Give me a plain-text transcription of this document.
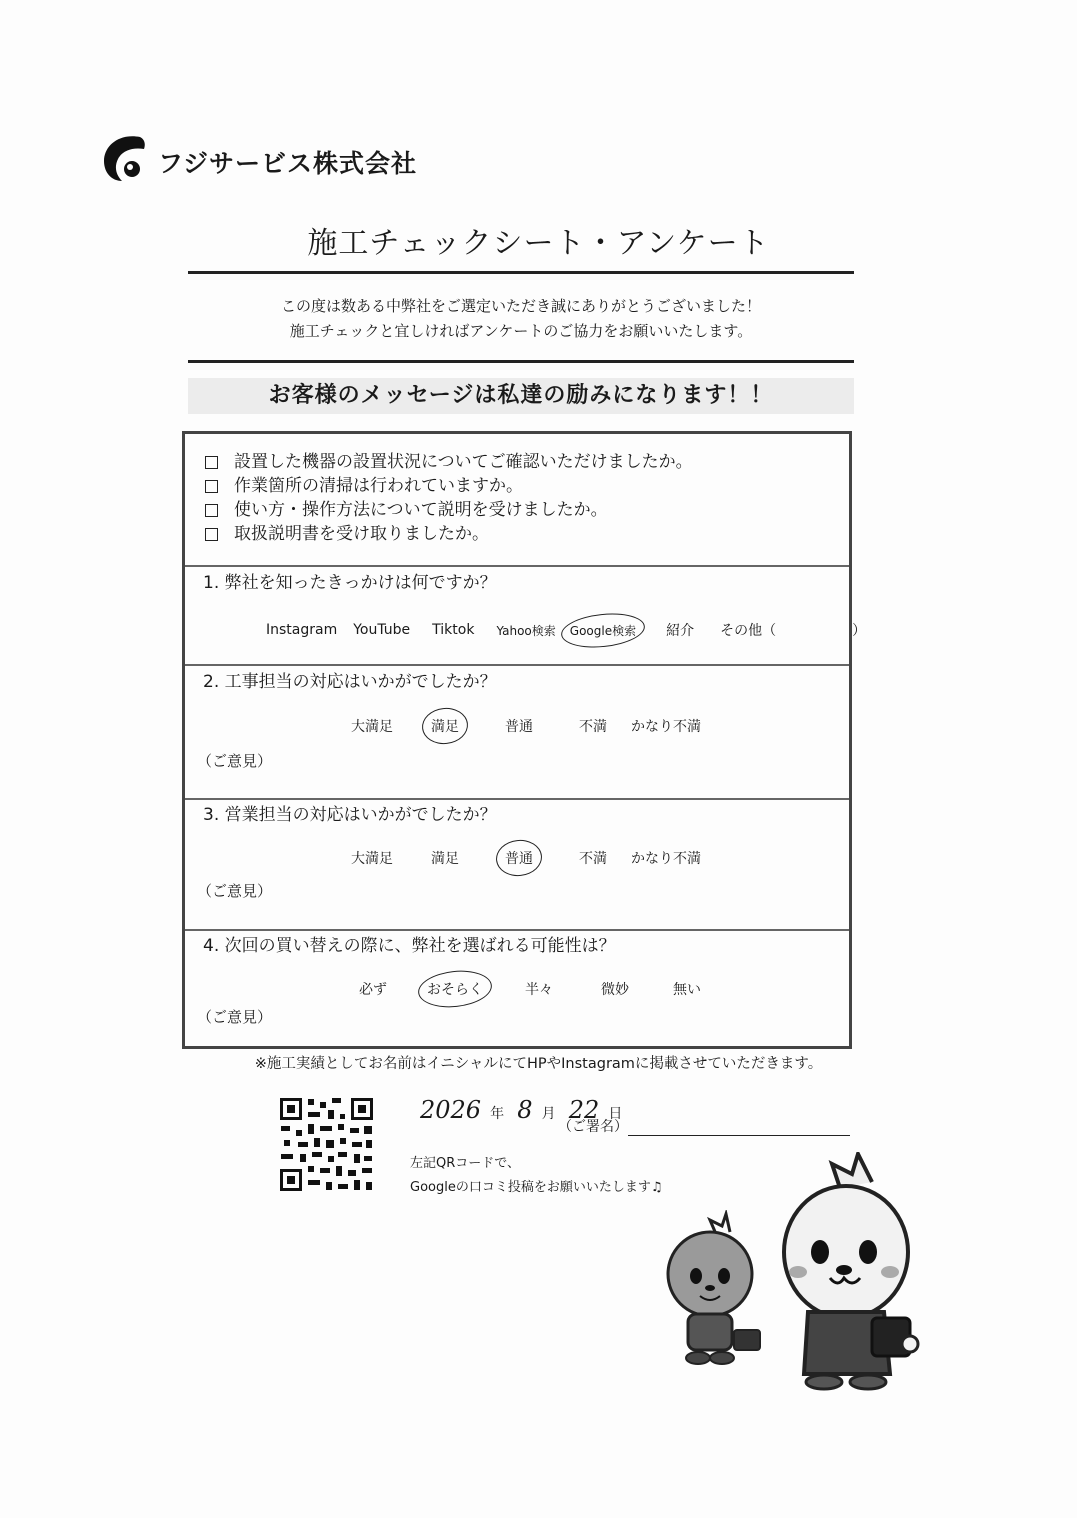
フジサービス株式会社
施工チェックシート・アンケート
この度は数ある中弊社をご選定いただき誠にありがとうございました！
施工チェックと宜しければアンケートのご協力をお願いいたします。
お客様のメッセージは私達の励みになります！！
設置した機器の設置状況についてご確認いただけましたか。
作業箇所の清掃は行われていますか。
使い方・操作方法について説明を受けましたか。
取扱説明書を受け取りましたか。
1. 弊社を知ったきっかけは何ですか？
Instagram YouTube Tiktok Yahoo検索 Google検索 紹介 その他（	）
2. 工事担当の対応はいかがでしたか？
大満足	満足	普通	不満 かなり不満
（ご意見）
3. 営業担当の対応はいかがでしたか？
大満足	満足	普通	不満 かなり不満
（ご意見）
4. 次回の買い替えの際に、弊社を選ばれる可能性は？
必ず	おそらく	半々	微妙	無い
（ご意見）
※施工実績としてお名前はイニシャルにてHPやInstagramに掲載させていただきます。
2026 年 8 月 22 日
（ご署名）
左記QRコードで、
Googleの口コミ投稿をお願いいたします♫
